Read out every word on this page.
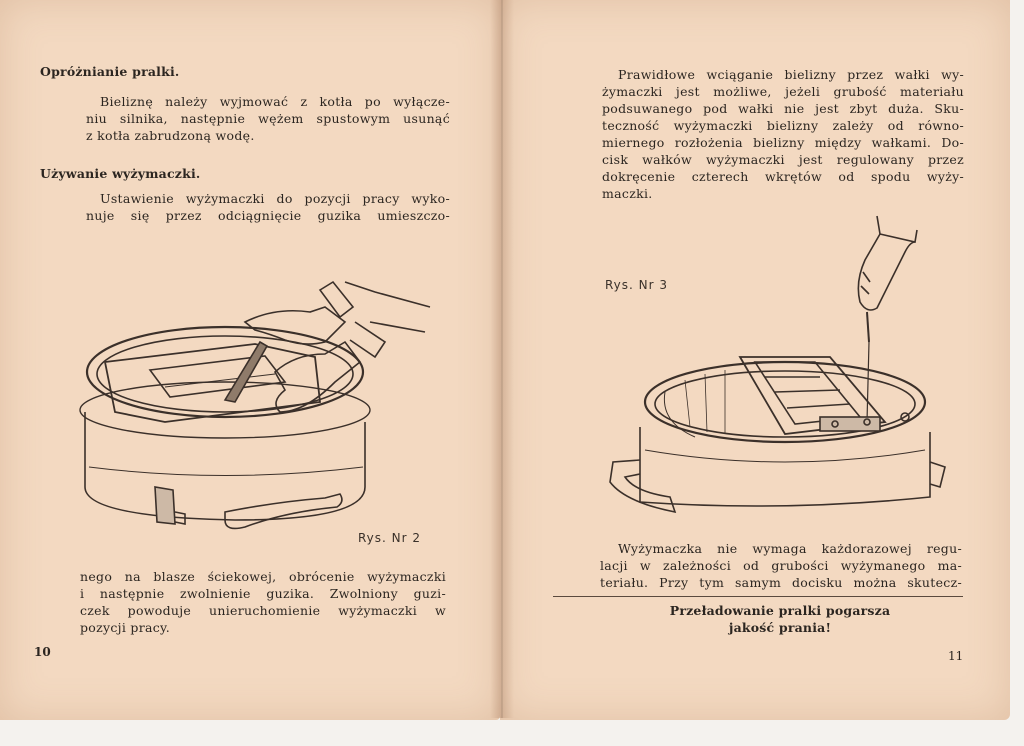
Opróżnianie pralki.
Bieliznę należy wyjmować z kotła po wyłącze-
niu silnika, następnie wężem spustowym usunąć
z kotła zabrudzoną wodę.
Używanie wyżymaczki.
Ustawienie wyżymaczki do pozycji pracy wyko-
nuje się przez odciągnięcie guzika umieszczo-
Rys. Nr 2
nego na blasze ściekowej, obrócenie wyżymaczki
i następnie zwolnienie guzika. Zwolniony guzi-
czek powoduje unieruchomienie wyżymaczki w
pozycji pracy.
10
Prawidłowe wciąganie bielizny przez wałki wy-
żymaczki jest możliwe, jeżeli grubość materiału
podsuwanego pod wałki nie jest zbyt duża. Sku-
teczność wyżymaczki bielizny zależy od równo-
miernego rozłożenia bielizny między wałkami. Do-
cisk wałków wyżymaczki jest regulowany przez
dokręcenie czterech wkrętów od spodu wyży-
maczki.
Rys. Nr 3
Wyżymaczka nie wymaga każdorazowej regu-
lacji w zależności od grubości wyżymanego ma-
teriału. Przy tym samym docisku można skutecz-
Przeładowanie pralki pogarsza
jakość prania!
11
